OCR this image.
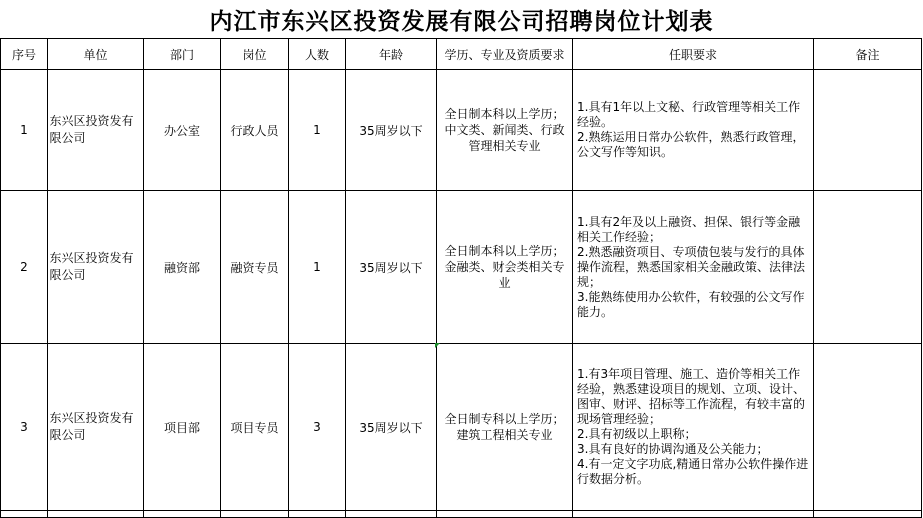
内江市东兴区投资发展有限公司招聘岗位计划表
序号	单位	部门	岗位	人数	年龄	学历、专业及资质要求	任职要求	备注
1	东兴区投资发有限公司	办公室	行政人员	1	35周岁以下	全日制本科以上学历；中文类、新闻类、行政管理相关专业	1.具有1年以上文秘、行政管理等相关工作经验。
2.熟练运用日常办公软件，熟悉行政管理，公文写作等知识。	

2	东兴区投资发有限公司	融资部	融资专员	1	35周岁以下	全日制本科以上学历；金融类、财会类相关专业	1.具有2年及以上融资、担保、银行等金融相关工作经验；
2.熟悉融资项目、专项债包装与发行的具体操作流程，熟悉国家相关金融政策、法律法规；
3.能熟练使用办公软件，有较强的公文写作能力。	

3	东兴区投资发有限公司	项目部	项目专员	3	35周岁以下	全日制专科以上学历；建筑工程相关专业	1.有3年项目管理、施工、造价等相关工作经验，熟悉建设项目的规划、立项、设计、图审、财评、招标等工作流程，有较丰富的现场管理经验；
2.具有初级以上职称；
3.具有良好的协调沟通及公关能力；
4.有一定文字功底,精通日常办公软件操作进行数据分析。	
